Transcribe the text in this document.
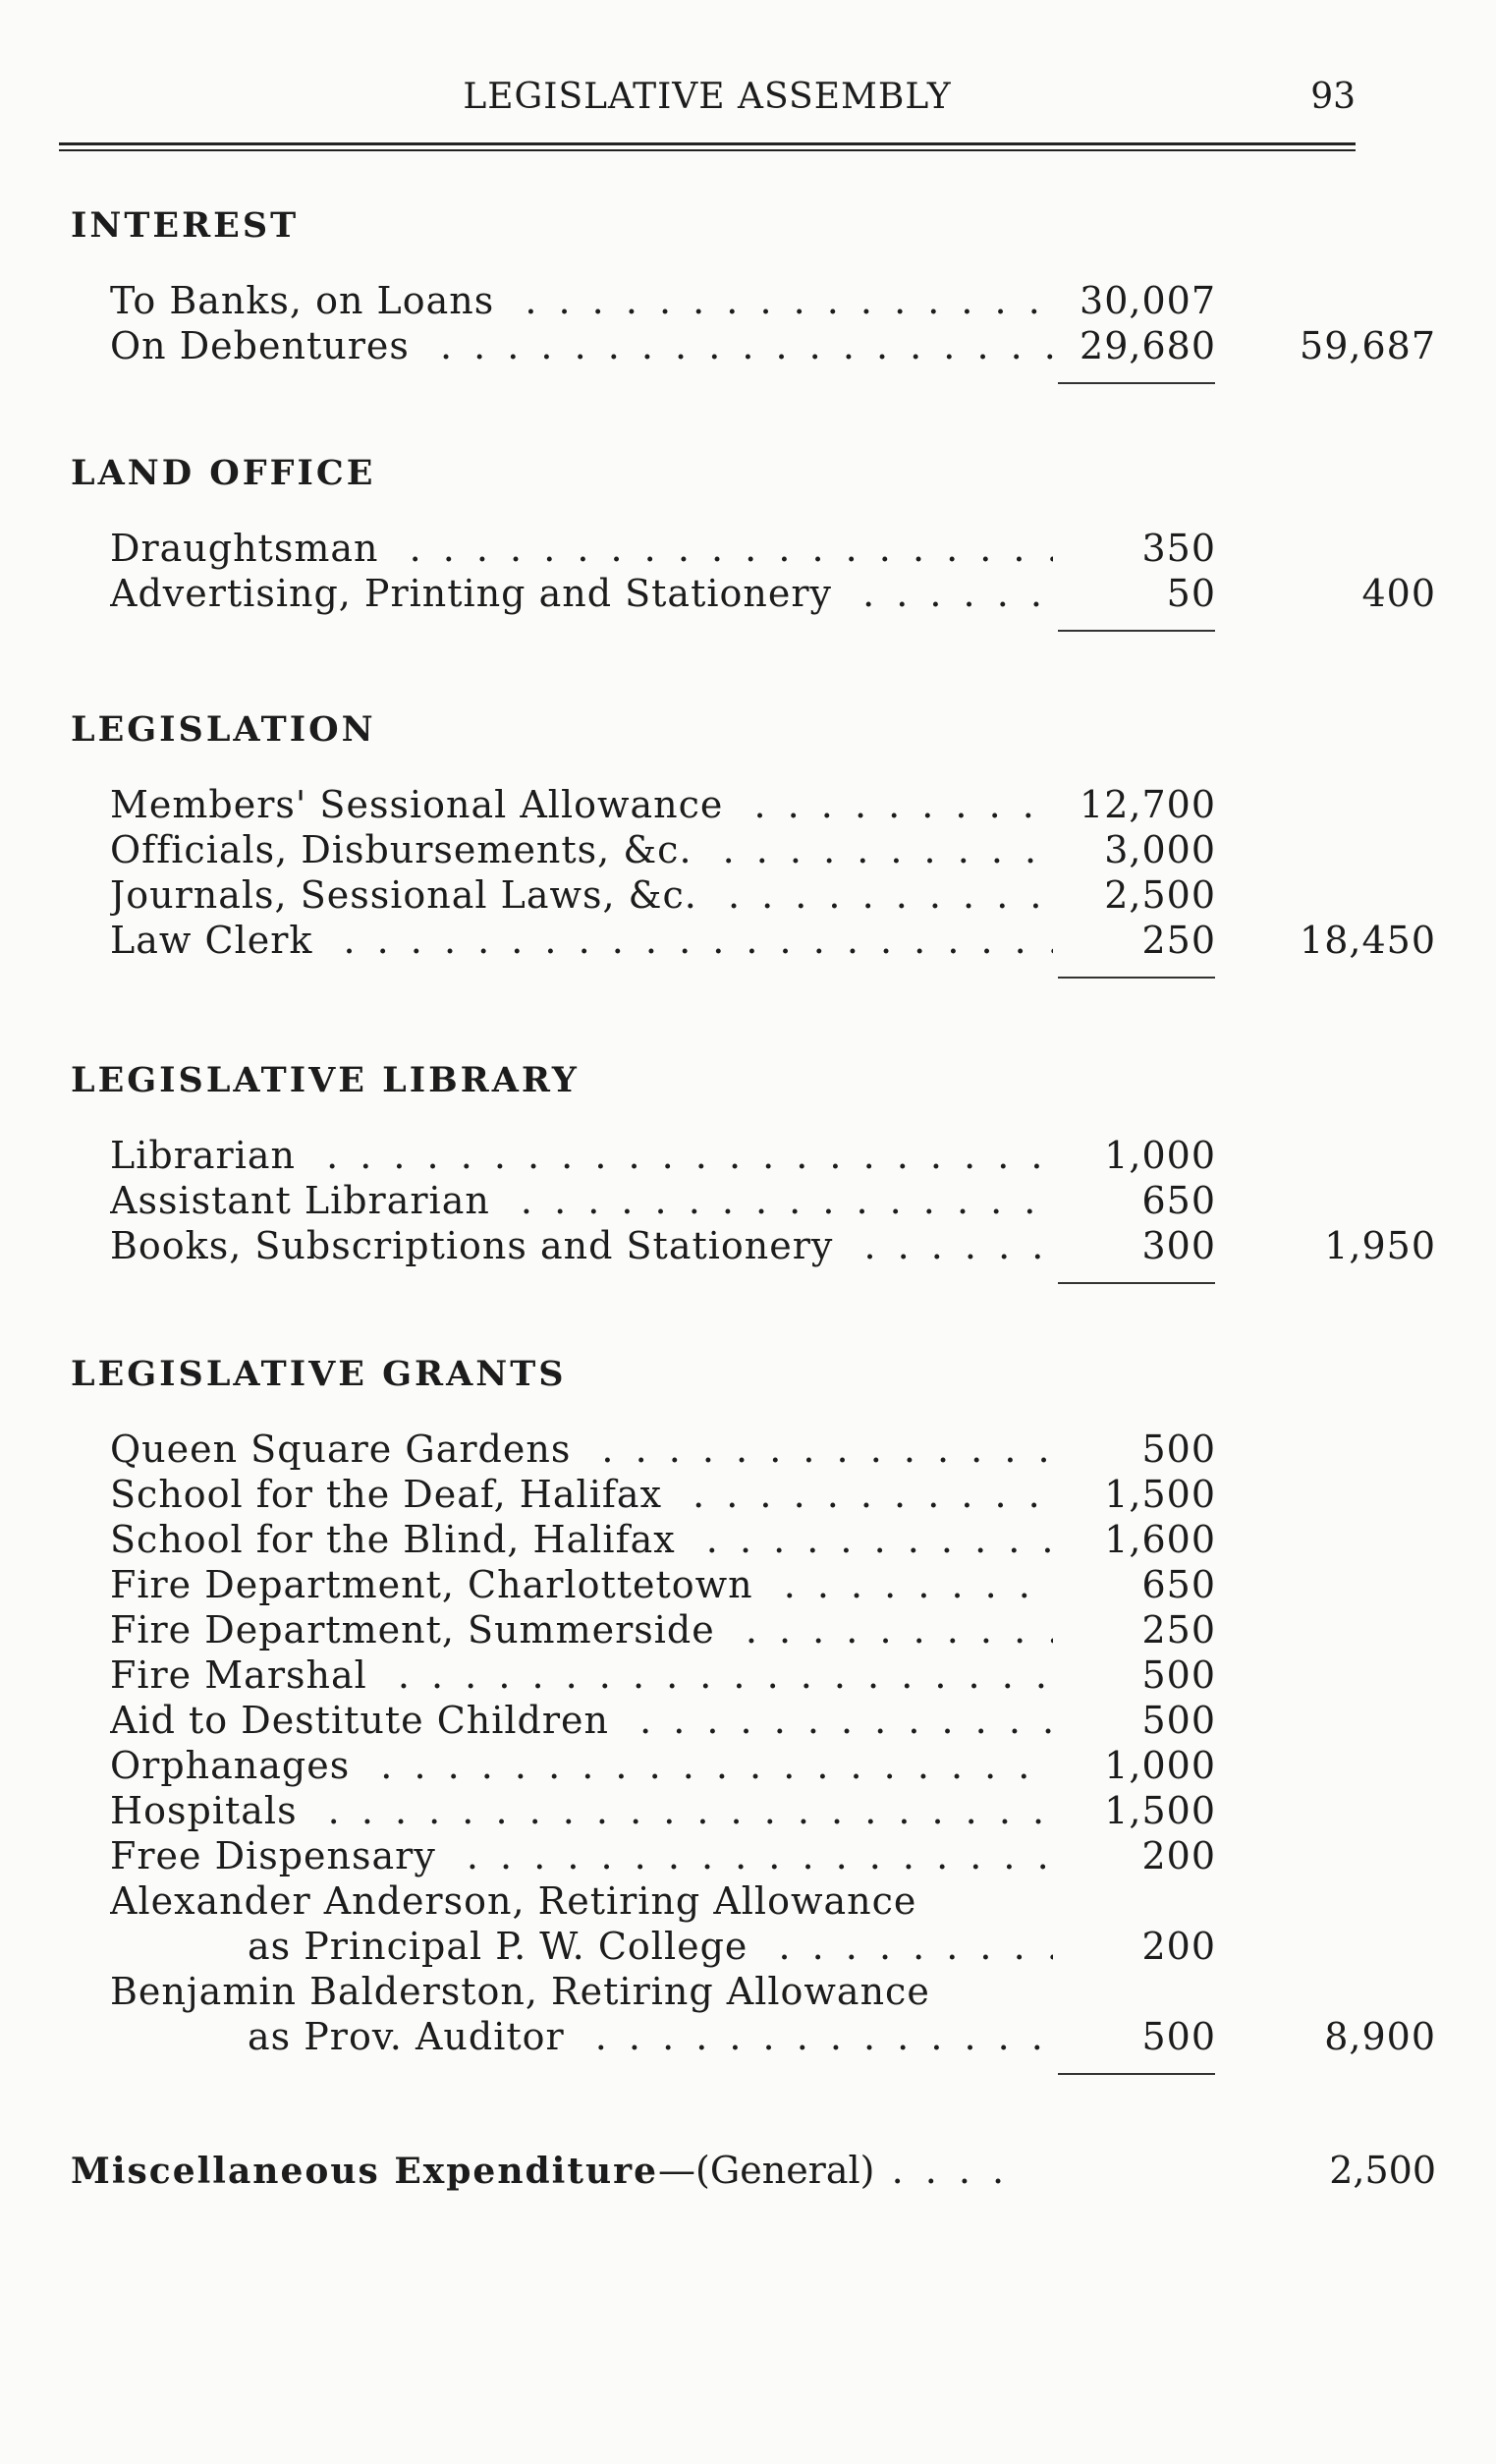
LEGISLATIVE ASSEMBLY	93
INTEREST
To Banks, on Loans . . .	30,007
On Debentures . . .	29,680	59,687
LAND OFFICE
Draughtsman . . .	350
Advertising, Printing and Stationery . . .	50	400
LEGISLATION
Members' Sessional Allowance . . .	12,700
Officials, Disbursements, &c. . . .	3,000
Journals, Sessional Laws, &c. . . .	2,500
Law Clerk . . .	250	18,450
LEGISLATIVE LIBRARY
Librarian . . .	1,000
Assistant Librarian . . .	650
Books, Subscriptions and Stationery . . .	300	1,950
LEGISLATIVE GRANTS
Queen Square Gardens . . .	500
School for the Deaf, Halifax . . .	1,500
School for the Blind, Halifax . . .	1,600
Fire Department, Charlottetown . . .	650
Fire Department, Summerside . . .	250
Fire Marshal . . .	500
Aid to Destitute Children . . .	500
Orphanages . . .	1,000
Hospitals . . .	1,500
Free Dispensary . . .	200
Alexander Anderson, Retiring Allowance
as Principal P. W. College . . .	200
Benjamin Balderston, Retiring Allowance
as Prov. Auditor . . .	500	8,900
Miscellaneous Expenditure—(General) . . . .	2,500
